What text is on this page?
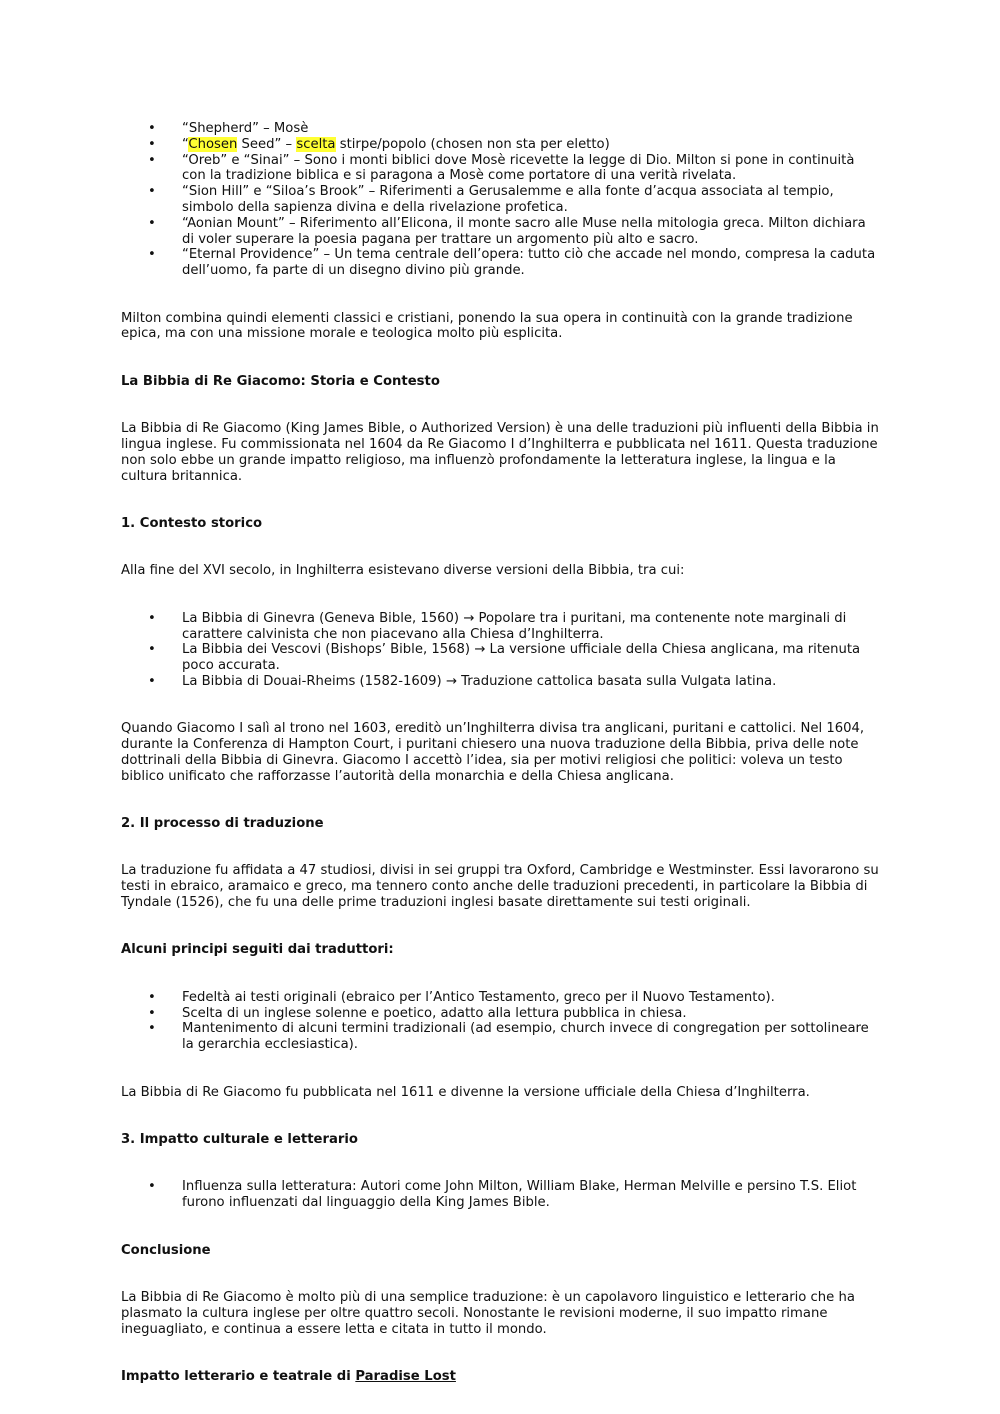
• “Shepherd” – Mosè
• “Chosen Seed” – scelta stirpe/popolo (chosen non sta per eletto)
• “Oreb” e “Sinai” – Sono i monti biblici dove Mosè ricevette la legge di Dio. Milton si pone in continuità con la tradizione biblica e si paragona a Mosè come portatore di una verità rivelata.
• “Sion Hill” e “Siloa’s Brook” – Riferimenti a Gerusalemme e alla fonte d’acqua associata al tempio, simbolo della sapienza divina e della rivelazione profetica.
• “Aonian Mount” – Riferimento all’Elicona, il monte sacro alle Muse nella mitologia greca. Milton dichiara di voler superare la poesia pagana per trattare un argomento più alto e sacro.
• “Eternal Providence” – Un tema centrale dell’opera: tutto ciò che accade nel mondo, compresa la caduta dell’uomo, fa parte di un disegno divino più grande.

Milton combina quindi elementi classici e cristiani, ponendo la sua opera in continuità con la grande tradizione epica, ma con una missione morale e teologica molto più esplicita.

La Bibbia di Re Giacomo: Storia e Contesto

La Bibbia di Re Giacomo (King James Bible, o Authorized Version) è una delle traduzioni più influenti della Bibbia in lingua inglese. Fu commissionata nel 1604 da Re Giacomo I d’Inghilterra e pubblicata nel 1611. Questa traduzione non solo ebbe un grande impatto religioso, ma influenzò profondamente la letteratura inglese, la lingua e la cultura britannica.

1. Contesto storico

Alla fine del XVI secolo, in Inghilterra esistevano diverse versioni della Bibbia, tra cui:

• La Bibbia di Ginevra (Geneva Bible, 1560) → Popolare tra i puritani, ma contenente note marginali di carattere calvinista che non piacevano alla Chiesa d’Inghilterra.
• La Bibbia dei Vescovi (Bishops’ Bible, 1568) → La versione ufficiale della Chiesa anglicana, ma ritenuta poco accurata.
• La Bibbia di Douai-Rheims (1582-1609) → Traduzione cattolica basata sulla Vulgata latina.

Quando Giacomo I salì al trono nel 1603, ereditò un’Inghilterra divisa tra anglicani, puritani e cattolici. Nel 1604, durante la Conferenza di Hampton Court, i puritani chiesero una nuova traduzione della Bibbia, priva delle note dottrinali della Bibbia di Ginevra. Giacomo I accettò l’idea, sia per motivi religiosi che politici: voleva un testo biblico unificato che rafforzasse l’autorità della monarchia e della Chiesa anglicana.

2. Il processo di traduzione

La traduzione fu affidata a 47 studiosi, divisi in sei gruppi tra Oxford, Cambridge e Westminster. Essi lavorarono su testi in ebraico, aramaico e greco, ma tennero conto anche delle traduzioni precedenti, in particolare la Bibbia di Tyndale (1526), che fu una delle prime traduzioni inglesi basate direttamente sui testi originali.

Alcuni principi seguiti dai traduttori:

• Fedeltà ai testi originali (ebraico per l’Antico Testamento, greco per il Nuovo Testamento).
• Scelta di un inglese solenne e poetico, adatto alla lettura pubblica in chiesa.
• Mantenimento di alcuni termini tradizionali (ad esempio, church invece di congregation per sottolineare la gerarchia ecclesiastica).

La Bibbia di Re Giacomo fu pubblicata nel 1611 e divenne la versione ufficiale della Chiesa d’Inghilterra.

3. Impatto culturale e letterario

• Influenza sulla letteratura: Autori come John Milton, William Blake, Herman Melville e persino T.S. Eliot furono influenzati dal linguaggio della King James Bible.

Conclusione

La Bibbia di Re Giacomo è molto più di una semplice traduzione: è un capolavoro linguistico e letterario che ha plasmato la cultura inglese per oltre quattro secoli. Nonostante le revisioni moderne, il suo impatto rimane ineguagliato, e continua a essere letta e citata in tutto il mondo.

Impatto letterario e teatrale di Paradise Lost
